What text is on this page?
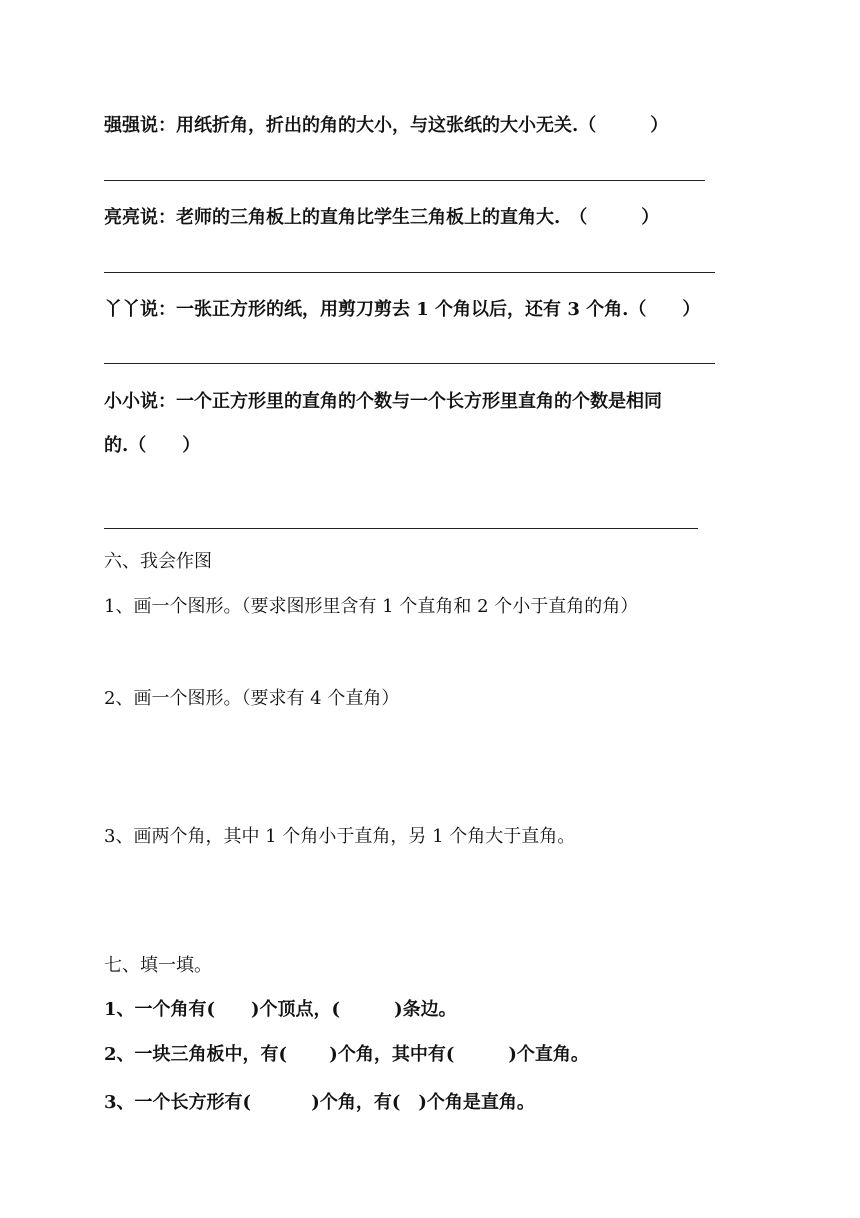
强强说：用纸折角，折出的角的大小，与这张纸的大小无关.（　　　）
亮亮说：老师的三角板上的直角比学生三角板上的直角大.　（　　　）
丫丫说：一张正方形的纸，用剪刀剪去 1 个角以后，还有 3 个角.（　　）
小小说：一个正方形里的直角的个数与一个长方形里直角的个数是相同
的.（　　）
六、我会作图
1、画一个图形。（要求图形里含有 1 个直角和 2 个小于直角的角）
2、画一个图形。（要求有 4 个直角）
3、画两个角，其中 1 个角小于直角，另 1 个角大于直角。
七、填一填。
1、一个角有(　　)个顶点，(　　　)条边。
2、一块三角板中，有(　　 )个角，其中有(　　　)个直角。
3、一个长方形有(　　　 )个角，有(　)个角是直角。
